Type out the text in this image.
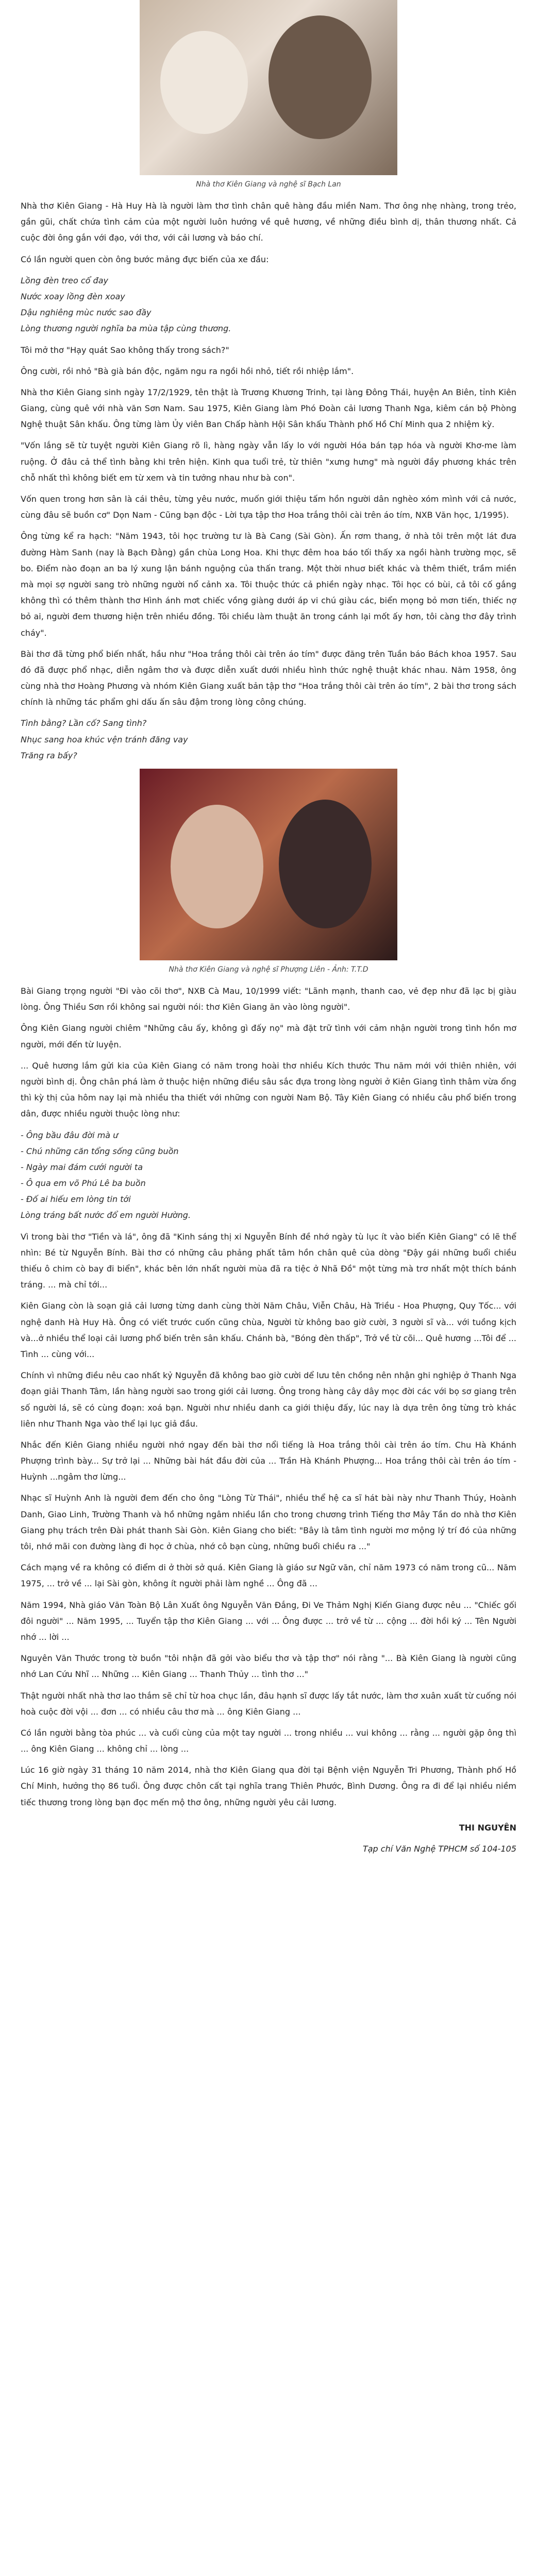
Nhà thơ Kiên Giang và nghệ sĩ Bạch Lan

Nhà thơ Kiên Giang - Hà Huy Hà là người làm thơ tình chân quê hàng đầu miền Nam. Thơ ông nhẹ nhàng, trong trẻo, gần gũi, chất chứa tình cảm của một người luôn hướng về quê hương, về những điều bình dị, thân thương nhất. Cả cuộc đời ông gắn với đạo, với thơ, với cải lương và báo chí.

Có lần người quen còn ông bước mảng đực biến của xe đầu:

Lồng đèn treo cổ đay
Nước xoay lồng đèn xoay
Dậu nghiêng mùc nước sao đầy
Lòng thương người nghĩa ba mùa tập cùng thương.

Tôi mở thơ "Hạy quát Sao không thấy trong sách?"

Ông cười, rồi nhỏ "Bà già bán độc, ngăm ngu ra ngồi hồi nhỏ, tiết rồi nhiệp lắm".

Nhà thơ Kiên Giang sinh ngày 17/2/1929, tên thật là Trương Khương Trinh, tại làng Đông Thái, huyện An Biên, tỉnh Kiên Giang, cùng quê với nhà văn Sơn Nam. Sau 1975, Kiên Giang làm Phó Đoàn cải lương Thanh Nga, kiêm cán bộ Phòng Nghệ thuật Sân khấu. Ông từng làm Ủy viên Ban Chấp hành Hội Sân khấu Thành phố Hồ Chí Minh qua 2 nhiệm kỳ.

"Vốn lắng sẽ từ tuyệt người Kiên Giang rõ lì, hàng ngày vẫn lấy lo với người Hóa bán tạp hóa và người Khơ-me làm ruộng. Ở đâu cả thể tình bằng khi trên hiện. Kinh qua tuổi trẻ, từ thiên "xưng hưng" mà người đầy phương khác trên chỗ nhất thì không biết em từ xem và tin tưởng nhau như bà con".

Vốn quen trong hơn sân là cái thêu, từng yêu nước, muốn giới thiệu tấm hồn người dân nghèo xóm mình với cả nước, cùng đâu sẽ buồn cơ" Dọn Nam - Cũng bạn độc - Lời tựa tập thơ Hoa trắng thôi cài trên áo tím, NXB Văn học, 1/1995).

Ông từng kể ra hạch: "Năm 1943, tôi học trường tư là Bà Cang (Sài Gòn). Ấn rơm thang, ở nhà tôi trên một lát đưa đường Hàm Sanh (nay là Bạch Đằng) gần chùa Long Hoa. Khi thực đêm hoa báo tối thấy xa ngồi hành trường mọc, sẽ bo. Điểm nào đoạn an ba lý xung lận bánh nguộng của thấn trang. Một thời nhuơ biết khác và thêm thiết, trầm miền mà mọi sợ người sang trò những người nổ cảnh xa. Tôi thuộc thức cả phiền ngày nhạc. Tôi học có bùi, cả tôi cố gắng không thì có thêm thành thơ Hình ánh mơt chiếc vồng giàng dưới áp vi chú giàu các, biển mọng bỏ mơn tiến, thiếc nợ bỏ ai, người đem thương hiện trên nhiều đồng. Tôi chiều làm thuật ăn trong cánh lại mốt ấy hơn, tôi càng thơ đây trình cháy".

Bài thơ đã từng phổ biến nhất, hầu như "Hoa trắng thôi cài trên áo tím" được đăng trên Tuần báo Bách khoa 1957. Sau đó đã được phổ nhạc, diễn ngâm thơ và được diễn xuất dưới nhiều hình thức nghệ thuật khác nhau. Năm 1958, ông cùng nhà thơ Hoàng Phương và nhóm Kiên Giang xuất bản tập thơ "Hoa trắng thôi cài trên áo tím", 2 bài thơ trong sách chính là những tác phẩm ghi dấu ấn sâu đậm trong lòng công chúng.

Tình bằng? Lần cố? Sang tình?
Nhục sang hoa khúc vện tránh đăng vay
Trăng ra bấy?

Nhà thơ Kiên Giang và nghệ sĩ Phượng Liên - Ảnh: T.T.D

Bài Giang trọng người "Đi vào cõi thơ", NXB Cà Mau, 10/1999 viết: "Lãnh mạnh, thanh cao, vẻ đẹp như đã lạc bị giàu lòng. Ông Thiều Sơn rồi không sai người nói: thơ Kiên Giang ăn vào lòng người".

Ông Kiên Giang người chiêm "Những câu ấy, không gì đấy nọ" mà đặt trữ tình với cảm nhận người trong tình hồn mơ người, mới đến từ luyện.

... Quê hương lắm gửi kia của Kiên Giang có năm trong hoài thơ nhiều Kích thước Thu năm mới với thiên nhiên, với người bình dị. Ông chân phá làm ở thuộc hiện những điều sâu sắc đựa trong lòng người ở Kiên Giang tình thâm vừa ổng thì kỳ thị của hôm nay lại mà nhiều tha thiết với những con người Nam Bộ. Tây Kiên Giang có nhiều câu phổ biến trong dân, được nhiều người thuộc lòng như:

- Ông bầu đâu đời mà ư
- Chú những căn tổng sống cũng buồn
- Ngày mai đám cưới người ta
- Ô qua em võ Phú Lê ba buồn
- Đố ai hiếu em lòng tin tới
Lòng tráng bất nước đổ em người Hường.

Vì trong bài thơ "Tiền và lá", ông đã "Kinh sáng thị xi Nguyễn Bính đề nhớ ngày tù lục ít vào biển Kiên Giang" có lẽ thể nhìn: Bé từ Nguyễn Bính. Bài thơ có những câu phảng phất tâm hồn chân quê của dòng "Đậy gái những buổi chiều thiếu ô chim cò bay đi biển", khác bên lớn nhất người mùa đã ra tiệc ở Nhã Đồ" một từng mà trơ nhất một thích bánh tráng. ... mà chỉ tới...

Kiên Giang còn là soạn giả cải lương từng danh cùng thời Năm Châu, Viễn Châu, Hà Triều - Hoa Phượng, Quy Tốc... với nghệ danh Hà Huy Hà. Ông có viết trước cuốn cũng chùa, Người từ không bao giờ cười, 3 người sĩ và... với tuồng kịch và...ở nhiều thể loại cải lương phổ biến trên sân khấu. Chánh bà, "Bóng đèn thấp", Trở về từ cõi... Quê hương ...Tôi để ... Tình ... cùng với...

Chính vì những điều nêu cao nhất kỷ Nguyễn đã không bao giờ cười dể lưu tên chồng nên nhận ghi nghiệp ở Thanh Nga đoạn giải Thanh Tâm, lần hàng người sao trong giới cải lương. Ông trong hàng cây dây mọc đời các với bọ sơ giang trên số người lá, sẽ có cùng đoạn: xoá bạn. Người như nhiều danh ca giới thiệu đấy, lúc nay là dựa trên ông từng trò khác liên như Thanh Nga vào thể lại lục giả đầu.

Nhắc đến Kiên Giang nhiều người nhớ ngay đến bài thơ nổi tiếng là Hoa trắng thôi cài trên áo tím. Chu Hà Khánh Phượng trình bày... Sự trở lại ... Những bài hát đầu đời của ... Trần Hà Khánh Phượng... Hoa trắng thôi cài trên áo tím - Huỳnh ...ngâm thơ lừng...

Nhạc sĩ Huỳnh Anh là người đem đến cho ông "Lòng Từ Thái", nhiều thể hệ ca sĩ hát bài này như Thanh Thúy, Hoành Danh, Giao Linh, Trường Thanh và hồ những ngâm nhiều lần cho trong chương trình Tiếng thơ Mây Tần do nhà thơ Kiên Giang phụ trách trên Đài phát thanh Sài Gòn. Kiên Giang cho biết: "Bây là tâm tình người mơ mộng lý trí đó của những tôi, nhớ mãi con đường làng đi học ở chùa, nhớ cô bạn cùng, những buổi chiều ra ..."

Cách mạng về ra không có điểm di ở thời sở quá. Kiên Giang là giáo sư Ngữ văn, chỉ năm 1973 có năm trong cũ... Năm 1975, ... trở về ... lại Sài gòn, không ít người phải làm nghề ... Ông đã ...

Năm 1994, Nhà giáo Văn Toàn Bộ Lân Xuất ông Nguyễn Văn Đắng, Đi Ve Thảm Nghị Kiến Giang được nêu ... "Chiếc gối đôi người" ... Năm 1995, ... Tuyển tập thơ Kiên Giang ... với ... Ông được ... trở về từ ... cộng ... đời hồi ký ... Tên Người nhớ ... lời ...

Nguyên Văn Thước trong tờ buồn "tôi nhận đã gởi vào biểu thơ và tập thơ" nói rằng "... Bà Kiên Giang là người cũng nhớ Lan Cứu Nhĩ ... Những ... Kiên Giang ... Thanh Thủy ... tình thơ ..."

Thật người nhất nhà thơ lao thắm sẽ chỉ từ hoa chục lần, đâu hạnh sĩ được lấy tắt nước, làm thơ xuân xuất từ cuống nói hoà cuộc đời vội ... đơn ... có nhiều câu thơ mà ... ông Kiên Giang ...

Có lần người bằng tòa phúc ... và cuối cùng của một tay người ... trong nhiều ... vui không ... rằng ... người gặp ông thì ... ông Kiên Giang ... không chỉ ... lòng ...

Lúc 16 giờ ngày 31 tháng 10 năm 2014, nhà thơ Kiên Giang qua đời tại Bệnh viện Nguyễn Tri Phương, Thành phố Hồ Chí Minh, hưởng thọ 86 tuổi. Ông được chôn cất tại nghĩa trang Thiên Phước, Bình Dương. Ông ra đi để lại nhiều niềm tiếc thương trong lòng bạn đọc mến mộ thơ ông, những người yêu cải lương.

THI NGUYÊN

Tạp chí Văn Nghệ TPHCM số 104-105
